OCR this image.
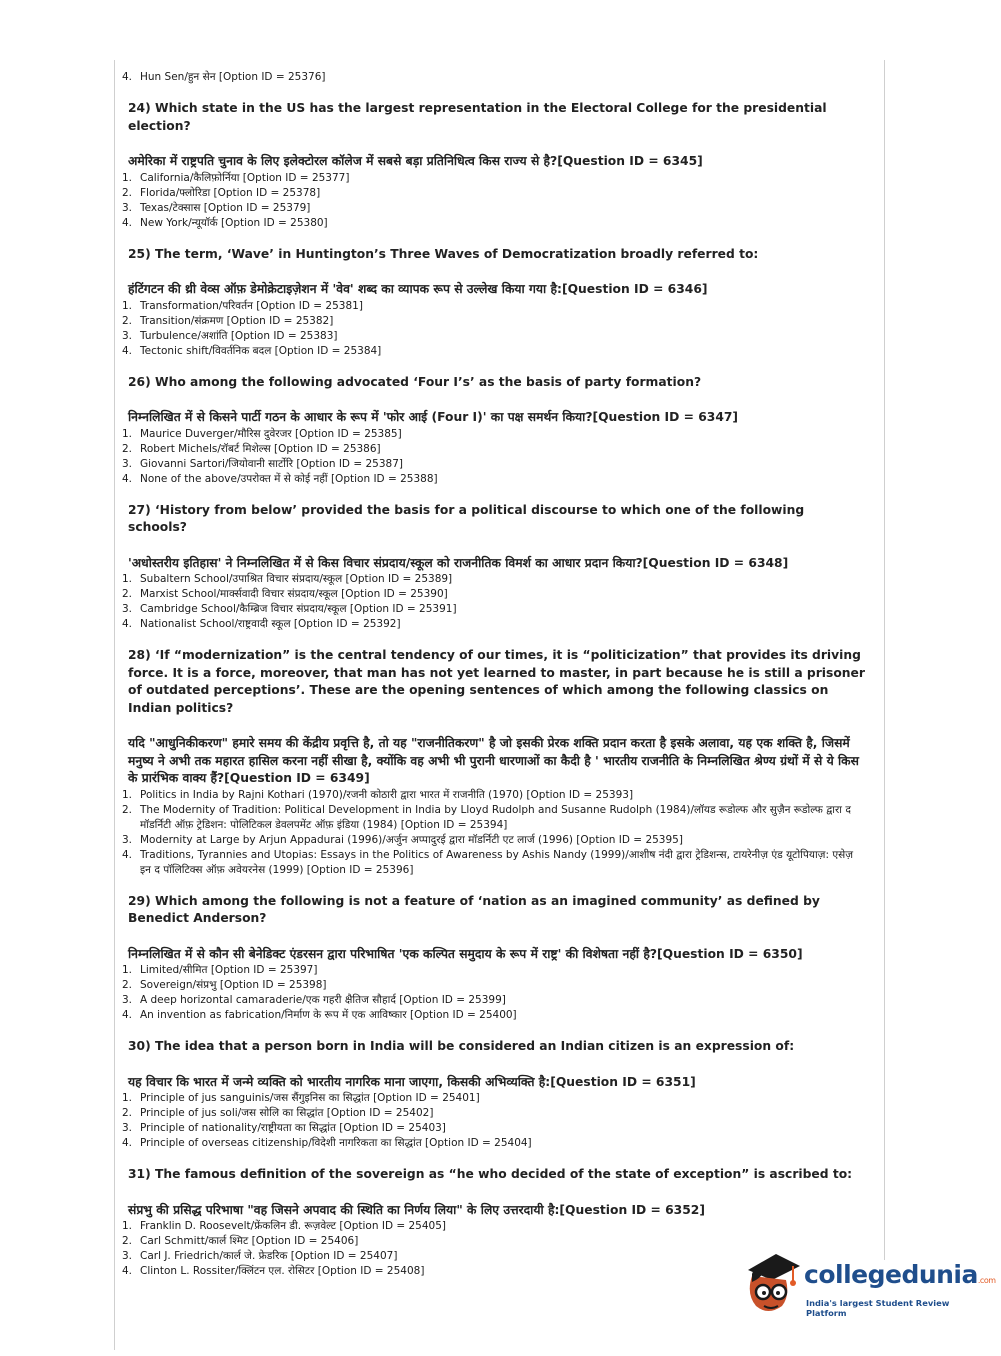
4. Hun Sen/हुन सेन [Option ID = 25376]
24) Which state in the US has the largest representation in the Electoral College for the presidential election?
अमेरिका में राष्ट्रपति चुनाव के लिए इलेक्टोरल कॉलेज में सबसे बड़ा प्रतिनिधित्व किस राज्य से है?[Question ID = 6345]
1. California/कैलिफ़ोर्निया [Option ID = 25377]
2. Florida/फ्लोरिडा [Option ID = 25378]
3. Texas/टेक्सास [Option ID = 25379]
4. New York/न्यूयॉर्क [Option ID = 25380]
25) The term, ‘Wave’ in Huntington’s Three Waves of Democratization broadly referred to:
हंटिंगटन की थ्री वेव्स ऑफ़ डेमोक्रेटाइज़ेशन में 'वेव' शब्द का व्यापक रूप से उल्लेख किया गया है:[Question ID = 6346]
1. Transformation/परिवर्तन [Option ID = 25381]
2. Transition/संक्रमण [Option ID = 25382]
3. Turbulence/अशांति [Option ID = 25383]
4. Tectonic shift/विवर्तनिक बदल [Option ID = 25384]
26) Who among the following advocated ‘Four I’s’ as the basis of party formation?
निम्नलिखित में से किसने पार्टी गठन के आधार के रूप में 'फोर आई (Four I)' का पक्ष समर्थन किया?[Question ID = 6347]
1. Maurice Duverger/मौरिस दुवेरजर [Option ID = 25385]
2. Robert Michels/रॉबर्ट मिशेल्स [Option ID = 25386]
3. Giovanni Sartori/जियोवानी सार्टोरि [Option ID = 25387]
4. None of the above/उपरोक्त में से कोई नहीं [Option ID = 25388]
27) ‘History from below’ provided the basis for a political discourse to which one of the following schools?
'अधोस्तरीय इतिहास' ने निम्नलिखित में से किस विचार संप्रदाय/स्कूल को राजनीतिक विमर्श का आधार प्रदान किया?[Question ID = 6348]
1. Subaltern School/उपाश्रित विचार संप्रदाय/स्कूल [Option ID = 25389]
2. Marxist School/मार्क्सवादी विचार संप्रदाय/स्कूल [Option ID = 25390]
3. Cambridge School/कैम्ब्रिज विचार संप्रदाय/स्कूल [Option ID = 25391]
4. Nationalist School/राष्ट्रवादी स्कूल [Option ID = 25392]
28) ‘If “modernization” is the central tendency of our times, it is “politicization” that provides its driving force. It is a force, moreover, that man has not yet learned to master, in part because he is still a prisoner of outdated perceptions’. These are the opening sentences of which among the following classics on Indian politics?
यदि "आधुनिकीकरण" हमारे समय की केंद्रीय प्रवृत्ति है, तो यह "राजनीतिकरण" है जो इसकी प्रेरक शक्ति प्रदान करता है इसके अलावा, यह एक शक्ति है, जिसमें मनुष्य ने अभी तक महारत हासिल करना नहीं सीखा है, क्योंकि वह अभी भी पुरानी धारणाओं का कैदी है ' भारतीय राजनीति के निम्नलिखित श्रेण्य ग्रंथों में से ये किस के प्रारंभिक वाक्य हैं?[Question ID = 6349]
1. Politics in India by Rajni Kothari (1970)/रजनी कोठारी द्वारा भारत में राजनीति (1970) [Option ID = 25393]
2. The Modernity of Tradition: Political Development in India by Lloyd Rudolph and Susanne Rudolph (1984)/लॉयड रूडोल्फ और सुज़ैन रूडोल्फ द्वारा द मॉडर्निटी ऑफ़ ट्रेडिशन: पोलिटिकल डेवलपमेंट ऑफ़ इंडिया (1984) [Option ID = 25394]
3. Modernity at Large by Arjun Appadurai (1996)/अर्जुन अप्पादुरई द्वारा मॉडर्निटी एट लार्ज (1996) [Option ID = 25395]
4. Traditions, Tyrannies and Utopias: Essays in the Politics of Awareness by Ashis Nandy (1999)/आशीष नंदी द्वारा ट्रेडिशन्स, टायरेनीज़ एंड यूटोपियाज़: एसेज़ इन द पॉलिटिक्स ऑफ़ अवेयरनेस (1999) [Option ID = 25396]
29) Which among the following is not a feature of ‘nation as an imagined community’ as defined by Benedict Anderson?
निम्नलिखित में से कौन सी बेनेडिक्ट एंडरसन द्वारा परिभाषित 'एक कल्पित समुदाय के रूप में राष्ट्र' की विशेषता नहीं है?[Question ID = 6350]
1. Limited/सीमित [Option ID = 25397]
2. Sovereign/संप्रभु [Option ID = 25398]
3. A deep horizontal camaraderie/एक गहरी क्षैतिज सौहार्द [Option ID = 25399]
4. An invention as fabrication/निर्माण के रूप में एक आविष्कार [Option ID = 25400]
30) The idea that a person born in India will be considered an Indian citizen is an expression of:
यह विचार कि भारत में जन्मे व्यक्ति को भारतीय नागरिक माना जाएगा, किसकी अभिव्यक्ति है:[Question ID = 6351]
1. Principle of jus sanguinis/जस सैंगुइनिस का सिद्धांत [Option ID = 25401]
2. Principle of jus soli/जस सोलि का सिद्धांत [Option ID = 25402]
3. Principle of nationality/राष्ट्रीयता का सिद्धांत [Option ID = 25403]
4. Principle of overseas citizenship/विदेशी नागरिकता का सिद्धांत [Option ID = 25404]
31) The famous definition of the sovereign as “he who decided of the state of exception” is ascribed to:
संप्रभु की प्रसिद्ध परिभाषा "वह जिसने अपवाद की स्थिति का निर्णय लिया" के लिए उत्तरदायी है:[Question ID = 6352]
1. Franklin D. Roosevelt/फ्रेंकलिन डी. रूज़वेल्ट [Option ID = 25405]
2. Carl Schmitt/कार्ल श्मिट [Option ID = 25406]
3. Carl J. Friedrich/कार्ल जे. फ्रेडरिक [Option ID = 25407]
4. Clinton L. Rossiter/क्लिंटन एल. रोसिटर [Option ID = 25408]	collegedunia.com
India's largest Student Review Platform
